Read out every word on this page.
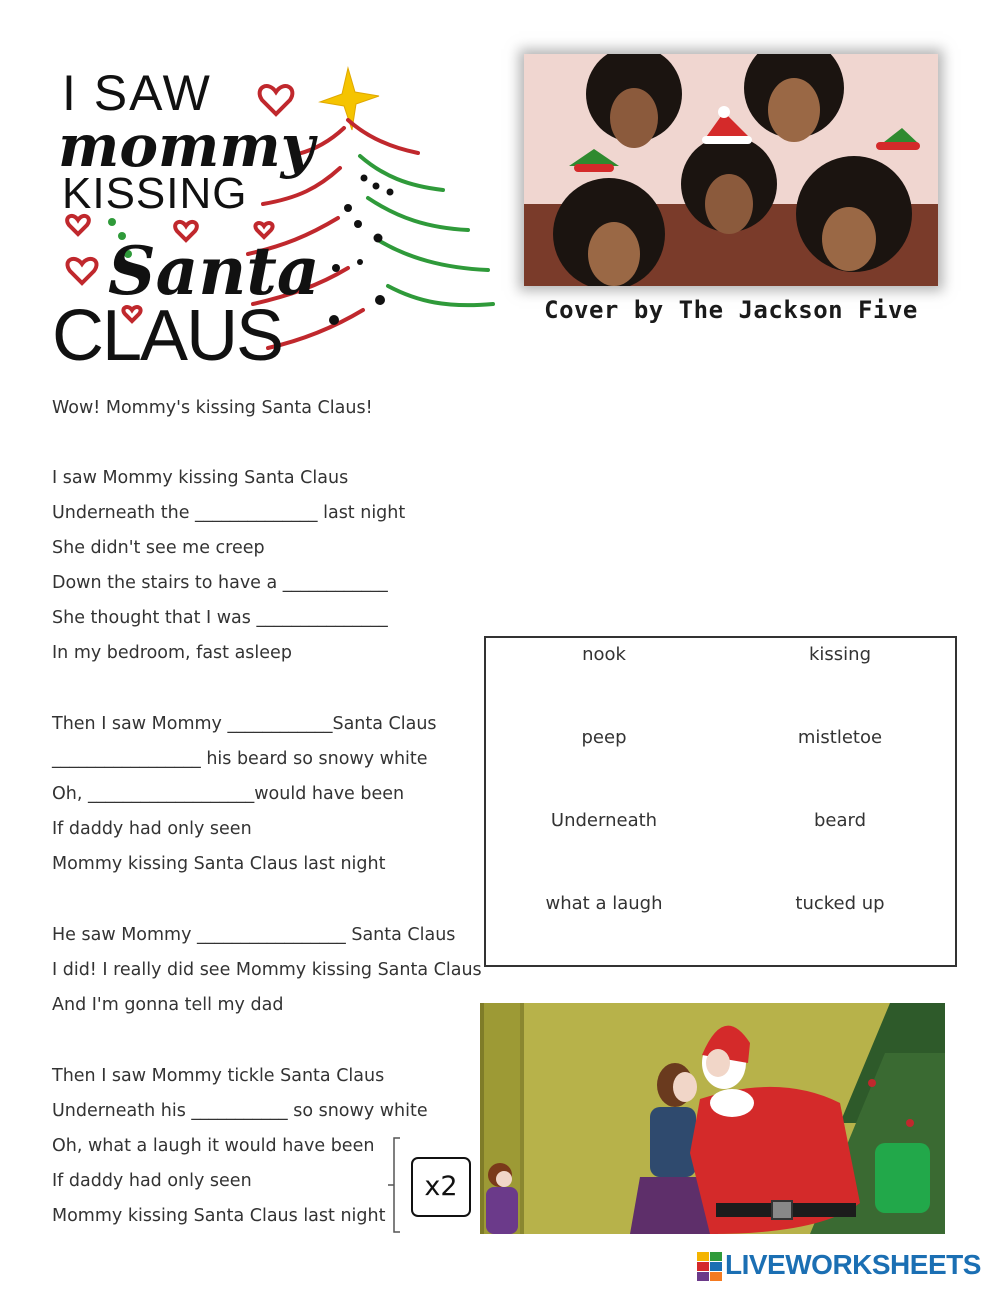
I SAW
mommy
KISSING
Santa
CLAUS	Cover by The Jackson Five
Wow! Mommy's kissing Santa Claus!
I saw Mommy kissing Santa Claus
Underneath the ______________ last night
She didn't see me creep
Down the stairs to have a ____________
She thought that I was _______________
In my bedroom, fast asleep
Then I saw Mommy ____________Santa Claus
_________________ his beard so snowy white
Oh, ___________________would have been
If daddy had only seen
Mommy kissing Santa Claus last night
He saw Mommy _________________ Santa Claus
I did! I really did see Mommy kissing Santa Claus
And I'm gonna tell my dad
Then I saw Mommy tickle Santa Claus
Underneath his ___________ so snowy white
Oh, what a laugh it would have been
If daddy had only seen
Mommy kissing Santa Claus last night
nook	kissing
peep	mistletoe
Underneath	beard
what a laugh	tucked up
x2
LIVEWORKSHEETS
